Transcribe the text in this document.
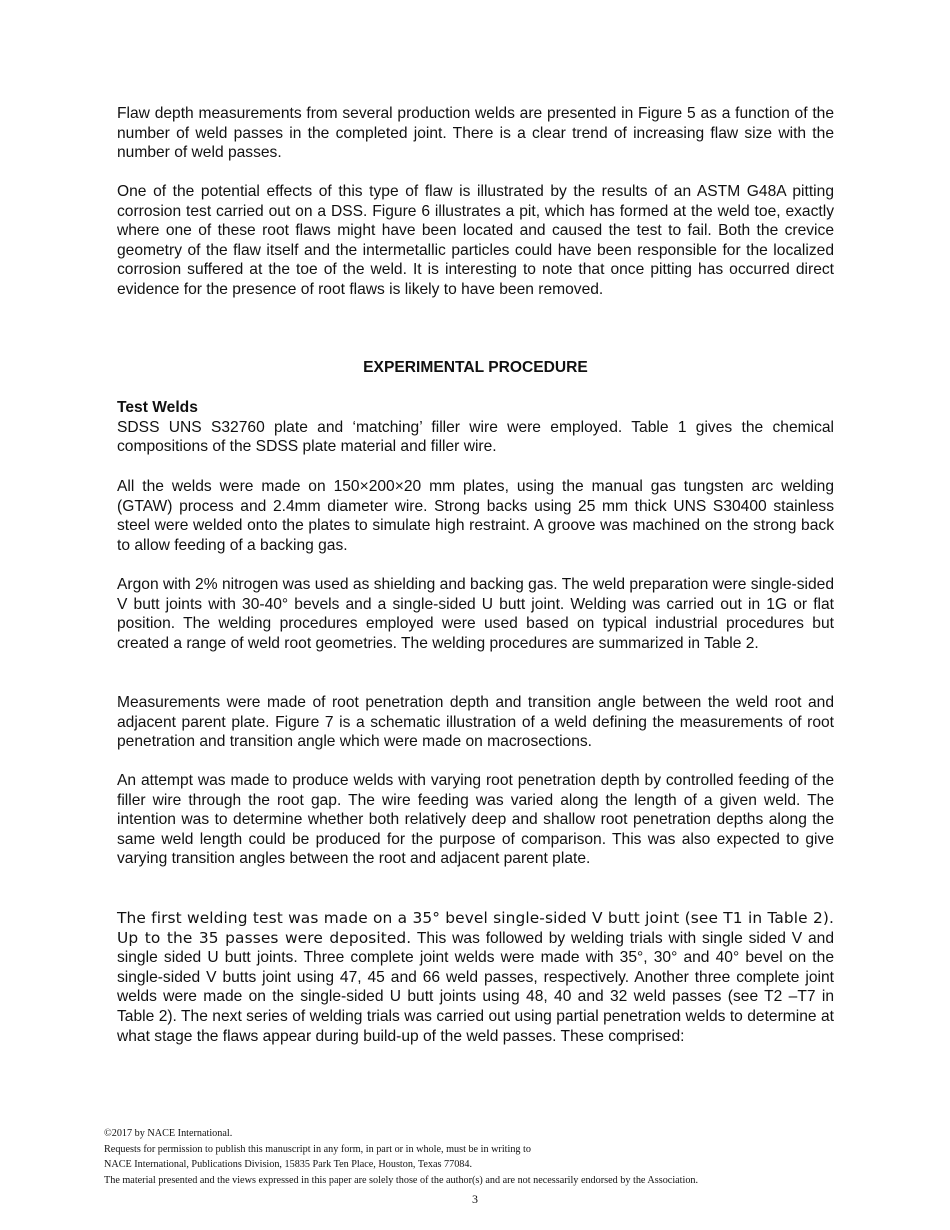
Flaw depth measurements from several production welds are presented in Figure 5 as a function of the number of weld passes in the completed joint. There is a clear trend of increasing flaw size with the number of weld passes.

One of the potential effects of this type of flaw is illustrated by the results of an ASTM G48A pitting corrosion test carried out on a DSS. Figure 6 illustrates a pit, which has formed at the weld toe, exactly where one of these root flaws might have been located and caused the test to fail. Both the crevice geometry of the flaw itself and the intermetallic particles could have been responsible for the localized corrosion suffered at the toe of the weld. It is interesting to note that once pitting has occurred direct evidence for the presence of root flaws is likely to have been removed.

EXPERIMENTAL PROCEDURE
Test Welds
SDSS UNS S32760 plate and ‘matching’ filler wire were employed. Table 1 gives the chemical compositions of the SDSS plate material and filler wire.

All the welds were made on 150×200×20 mm plates, using the manual gas tungsten arc welding (GTAW) process and 2.4mm diameter wire. Strong backs using 25 mm thick UNS S30400 stainless steel were welded onto the plates to simulate high restraint. A groove was machined on the strong back to allow feeding of a backing gas.

Argon with 2% nitrogen was used as shielding and backing gas. The weld preparation were single-sided V butt joints with 30-40° bevels and a single-sided U butt joint. Welding was carried out in 1G or flat position. The welding procedures employed were used based on typical industrial procedures but created a range of weld root geometries. The welding procedures are summarized in Table 2.

Measurements were made of root penetration depth and transition angle between the weld root and adjacent parent plate. Figure 7 is a schematic illustration of a weld defining the measurements of root penetration and transition angle which were made on macrosections.

An attempt was made to produce welds with varying root penetration depth by controlled feeding of the filler wire through the root gap. The wire feeding was varied along the length of a given weld. The intention was to determine whether both relatively deep and shallow root penetration depths along the same weld length could be produced for the purpose of comparison. This was also expected to give varying transition angles between the root and adjacent parent plate.

The first welding test was made on a 35° bevel single-sided V butt joint (see T1 in Table 2). Up to the 35 passes were deposited. This was followed by welding trials with single sided V and single sided U butt joints. Three complete joint welds were made with 35°, 30° and 40° bevel on the single-sided V butts joint using 47, 45 and 66 weld passes, respectively. Another three complete joint welds were made on the single-sided U butt joints using 48, 40 and 32 weld passes (see T2 –T7 in Table 2). The next series of welding trials was carried out using partial penetration welds to determine at what stage the flaws appear during build-up of the weld passes. These comprised:

©2017 by NACE International.
Requests for permission to publish this manuscript in any form, in part or in whole, must be in writing to
NACE International, Publications Division, 15835 Park Ten Place, Houston, Texas 77084.
The material presented and the views expressed in this paper are solely those of the author(s) and are not necessarily endorsed by the Association.
3
